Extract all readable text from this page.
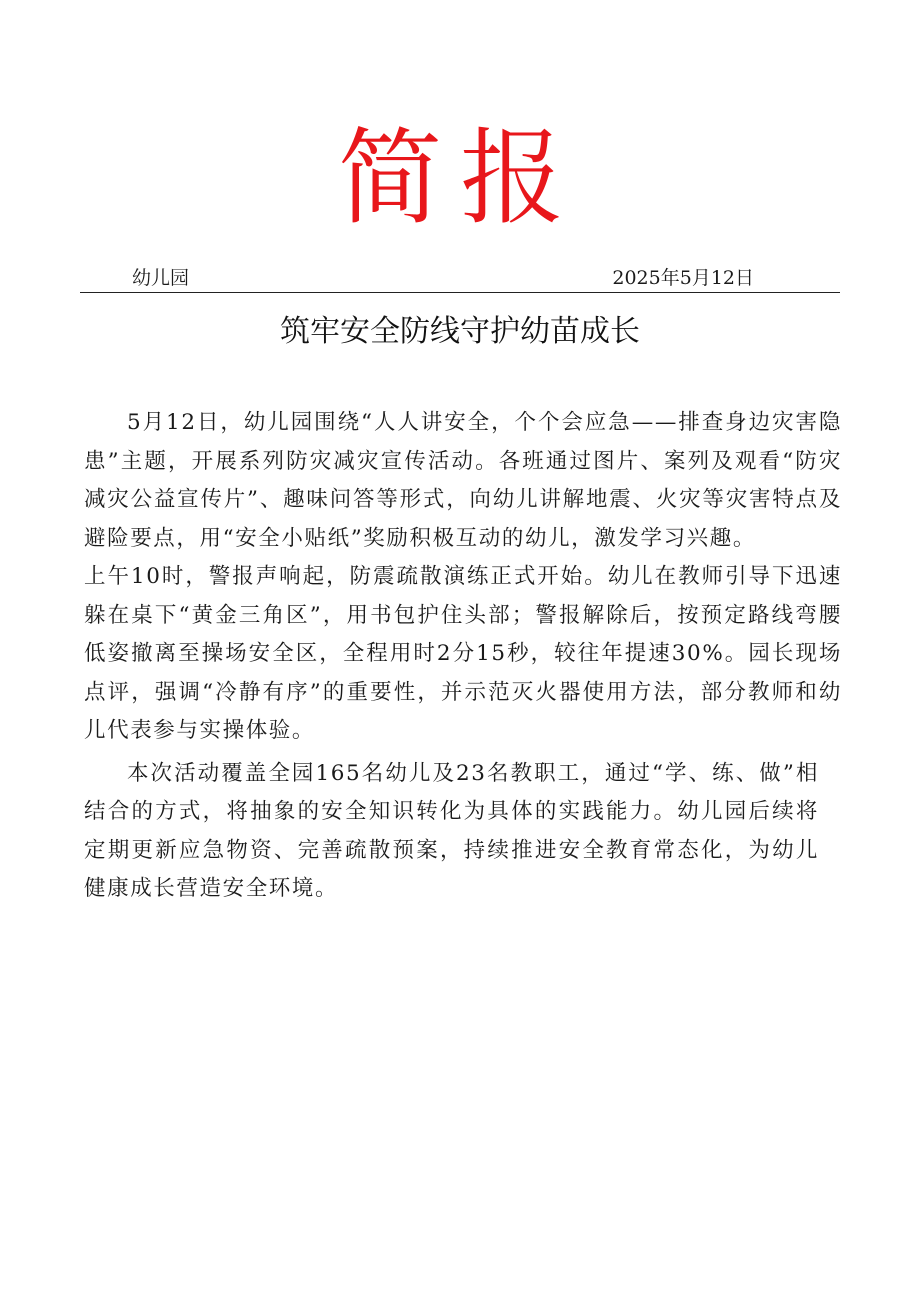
简报
幼儿园	2025年5月12日
筑牢安全防线守护幼苗成长

5月12日，幼儿园围绕“人人讲安全，个个会应急——排查身边灾害隐患”主题，开展系列防灾减灾宣传活动。各班通过图片、案列及观看“防灾减灾公益宣传片”、趣味问答等形式，向幼儿讲解地震、火灾等灾害特点及避险要点，用“安全小贴纸”奖励积极互动的幼儿，激发学习兴趣。

上午10时，警报声响起，防震疏散演练正式开始。幼儿在教师引导下迅速躲在桌下“黄金三角区”，用书包护住头部；警报解除后，按预定路线弯腰低姿撤离至操场安全区，全程用时2分15秒，较往年提速30%。园长现场点评，强调“冷静有序”的重要性，并示范灭火器使用方法，部分教师和幼儿代表参与实操体验。

本次活动覆盖全园165名幼儿及23名教职工，通过“学、练、做”相结合的方式，将抽象的安全知识转化为具体的实践能力。幼儿园后续将定期更新应急物资、完善疏散预案，持续推进安全教育常态化，为幼儿健康成长营造安全环境。
